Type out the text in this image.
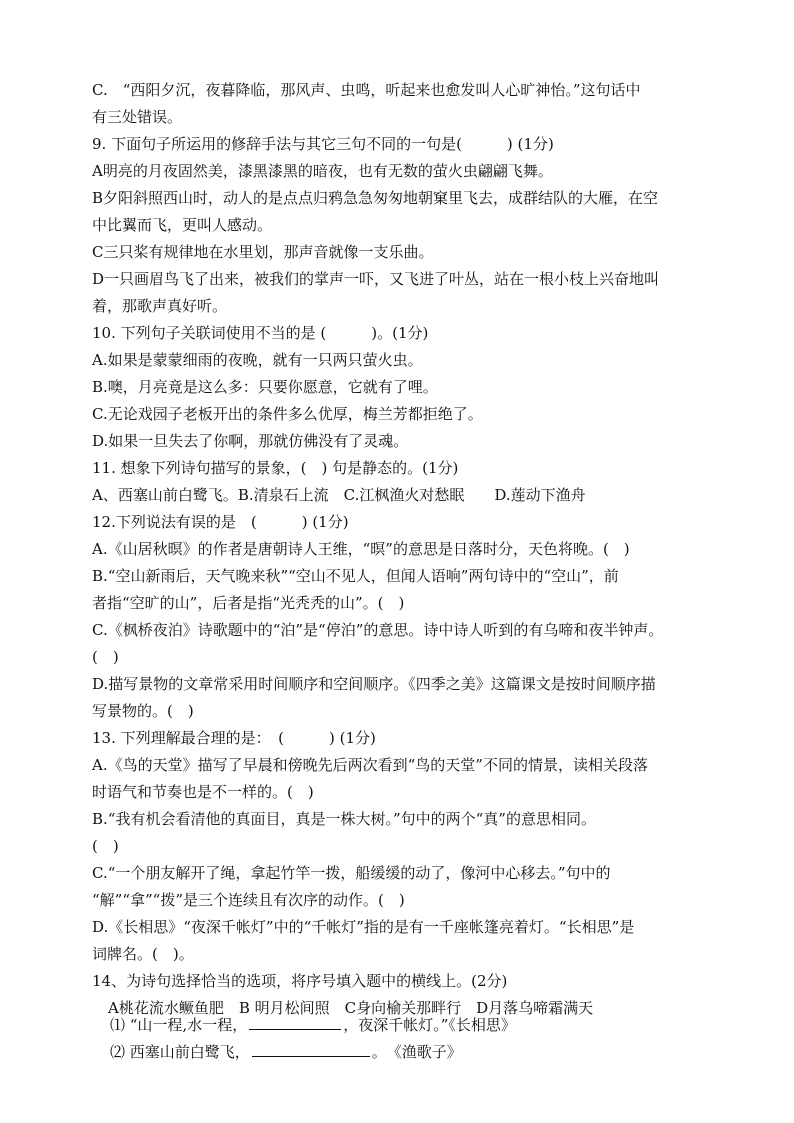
C.　“西阳夕沉，夜暮降临，那风声、虫鸣，听起来也愈发叫人心旷神怡。”这句话中
有三处错误。
9. 下面句子所运用的修辞手法与其它三句不同的一句是(　　　) (1分)
A明亮的月夜固然美，漆黑漆黑的暗夜，也有无数的萤火虫翩翩飞舞。
B夕阳斜照西山时，动人的是点点归鸦急急匆匆地朝窠里飞去，成群结队的大雁，在空
中比翼而飞，更叫人感动。
C三只桨有规律地在水里划，那声音就像一支乐曲。
D一只画眉鸟飞了出来，被我们的掌声一吓，又飞进了叶丛，站在一根小枝上兴奋地叫
着，那歌声真好听。
10. 下列句子关联词使用不当的是 (　　　)。(1分)
A.如果是蒙蒙细雨的夜晚，就有一只两只萤火虫。
B.噢，月亮竟是这么多：只要你愿意，它就有了哩。
C.无论戏园子老板开出的条件多么优厚，梅兰芳都拒绝了。
D.如果一旦失去了你啊，那就仿佛没有了灵魂。
11. 想象下列诗句描写的景象，(　) 句是静态的。(1分)
A、西塞山前白鹭飞。B.清泉石上流　C.江枫渔火对愁眠　　D.莲动下渔舟
12.下列说法有误的是　(　　　) (1分)
A.《山居秋暝》的作者是唐朝诗人王维，“暝”的意思是日落时分，天色将晚。(　)
B.“空山新雨后，天气晚来秋”“空山不见人，但闻人语响”两句诗中的“空山”，前
者指“空旷的山”，后者是指“光秃秃的山”。(　)
C.《枫桥夜泊》诗歌题中的“泊”是“停泊”的意思。诗中诗人听到的有乌啼和夜半钟声。
(　)
D.描写景物的文章常采用时间顺序和空间顺序。《四季之美》这篇课文是按时间顺序描
写景物的。(　)
13. 下列理解最合理的是：　(　　　) (1分)
A.《鸟的天堂》描写了早晨和傍晚先后两次看到“鸟的天堂”不同的情景，读相关段落
时语气和节奏也是不一样的。(　)
B.“我有机会看清他的真面目，真是一株大树。”句中的两个“真”的意思相同。
(　)
C.“一个朋友解开了绳，拿起竹竿一拨，船缓缓的动了，像河中心移去。”句中的
“解”“拿”“拨”是三个连续且有次序的动作。(　)
D.《长相思》“夜深千帐灯”中的“千帐灯”指的是有一千座帐篷亮着灯。“长相思”是
词牌名。(　)。
14、为诗句选择恰当的选项，将序号填入题中的横线上。(2分)
A桃花流水鳜鱼肥　B 明月松间照　C身向榆关那畔行　D月落乌啼霜满天
⑴ “山一程,水一程，	，夜深千帐灯。”《长相思》
⑵ 西塞山前白鹭飞，	。　《渔歌子》
